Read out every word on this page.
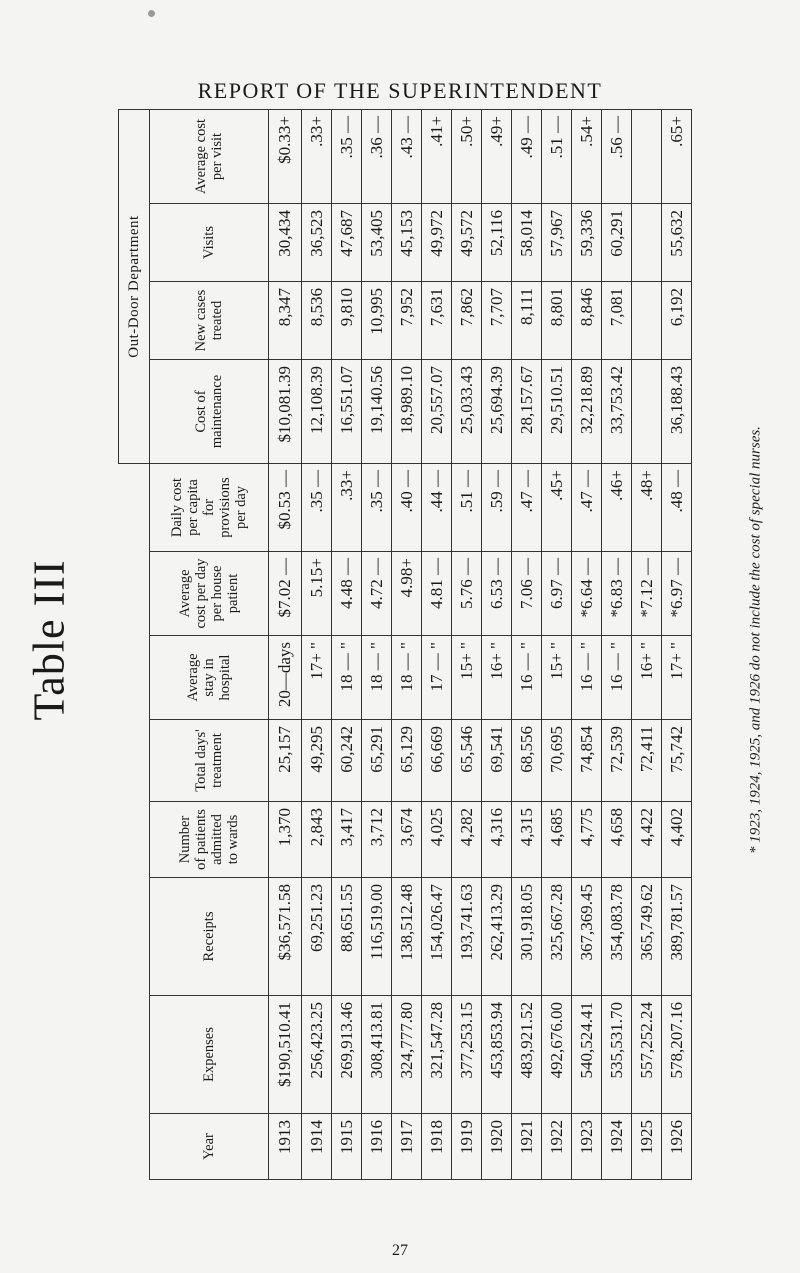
REPORT OF THE SUPERINTENDENT
Table III
								Out-Door Department			
Year	Expenses	Receipts	Number of patients admitted to wards	Total days' treatment	Average stay in hospital	Average cost per day per house patient	Daily cost per capita for provisions per day	Cost of maintenance	New cases treated	Visits	Average cost per visit
1913	$190,510.41	$36,571.58	1,370	25,157	20—days	$7.02 —	$0.53 —	$10,081.39	8,347	30,434	$0.33+
1914	256,423.25	69,251.23	2,843	49,295	17+ "	5.15+	.35 —	12,108.39	8,536	36,523	.33+
1915	269,913.46	88,651.55	3,417	60,242	18 — "	4.48 —	.33+	16,551.07	9,810	47,687	.35 —
1916	308,413.81	116,519.00	3,712	65,291	18 — "	4.72 —	.35 —	19,140.56	10,995	53,405	.36 —
1917	324,777.80	138,512.48	3,674	65,129	18 — "	4.98+	.40 —	18,989.10	7,952	45,153	.43 —
1918	321,547.28	154,026.47	4,025	66,669	17 — "	4.81 —	.44 —	20,557.07	7,631	49,972	.41+
1919	377,253.15	193,741.63	4,282	65,546	15+ "	5.76 —	.51 —	25,033.43	7,862	49,572	.50+
1920	453,853.94	262,413.29	4,316	69,541	16+ "	6.53 —	.59 —	25,694.39	7,707	52,116	.49+
1921	483,921.52	301,918.05	4,315	68,556	16 — "	7.06 —	.47 —	28,157.67	8,111	58,014	.49 —
1922	492,676.00	325,667.28	4,685	70,695	15+ "	6.97 —	.45+	29,510.51	8,801	57,967	.51 —
1923	540,524.41	367,369.45	4,775	74,854	16 — "	*6.64 —	.47 —	32,218.89	8,846	59,336	.54+
1924	535,531.70	354,083.78	4,658	72,539	16 — "	*6.83 —	.46+	33,753.42	7,081	60,291	.56 —
1925	557,252.24	365,749.62	4,422	72,411	16+ "	*7.12 —	.48+				
1926	578,207.16	389,781.57	4,402	75,742	17+ "	*6.97 —	.48 —	36,188.43	6,192	55,632	.65+
* 1923, 1924, 1925, and 1926 do not include the cost of special nurses.
27
